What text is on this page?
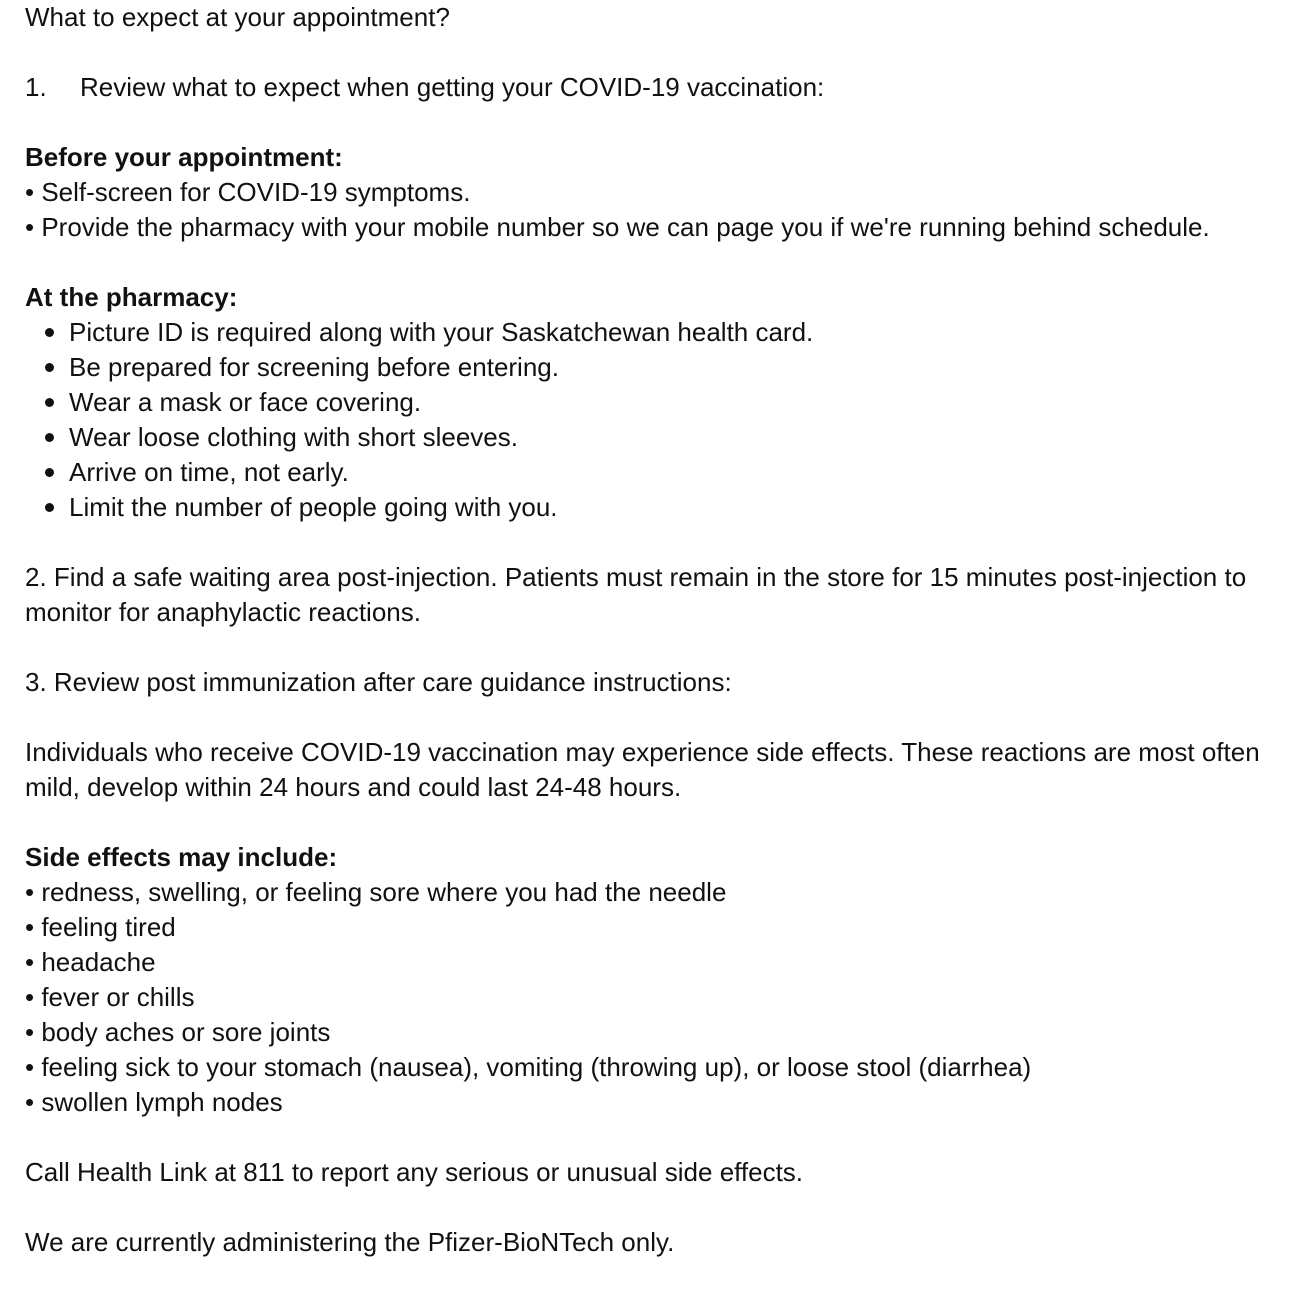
What to expect at your appointment?
1.	Review what to expect when getting your COVID-19 vaccination:
Before your appointment:
• Self-screen for COVID-19 symptoms.
• Provide the pharmacy with your mobile number so we can page you if we're running behind schedule.
At the pharmacy:
Picture ID is required along with your Saskatchewan health card.
Be prepared for screening before entering.
Wear a mask or face covering.
Wear loose clothing with short sleeves.
Arrive on time, not early.
Limit the number of people going with you.
2. Find a safe waiting area post-injection. Patients must remain in the store for 15 minutes post-injection to monitor for anaphylactic reactions.
3. Review post immunization after care guidance instructions:
Individuals who receive COVID-19 vaccination may experience side effects. These reactions are most often mild, develop within 24 hours and could last 24-48 hours.
Side effects may include:
• redness, swelling, or feeling sore where you had the needle
• feeling tired
• headache
• fever or chills
• body aches or sore joints
• feeling sick to your stomach (nausea), vomiting (throwing up), or loose stool (diarrhea)
• swollen lymph nodes
Call Health Link at 811 to report any serious or unusual side effects.
We are currently administering the Pfizer-BioNTech only.
